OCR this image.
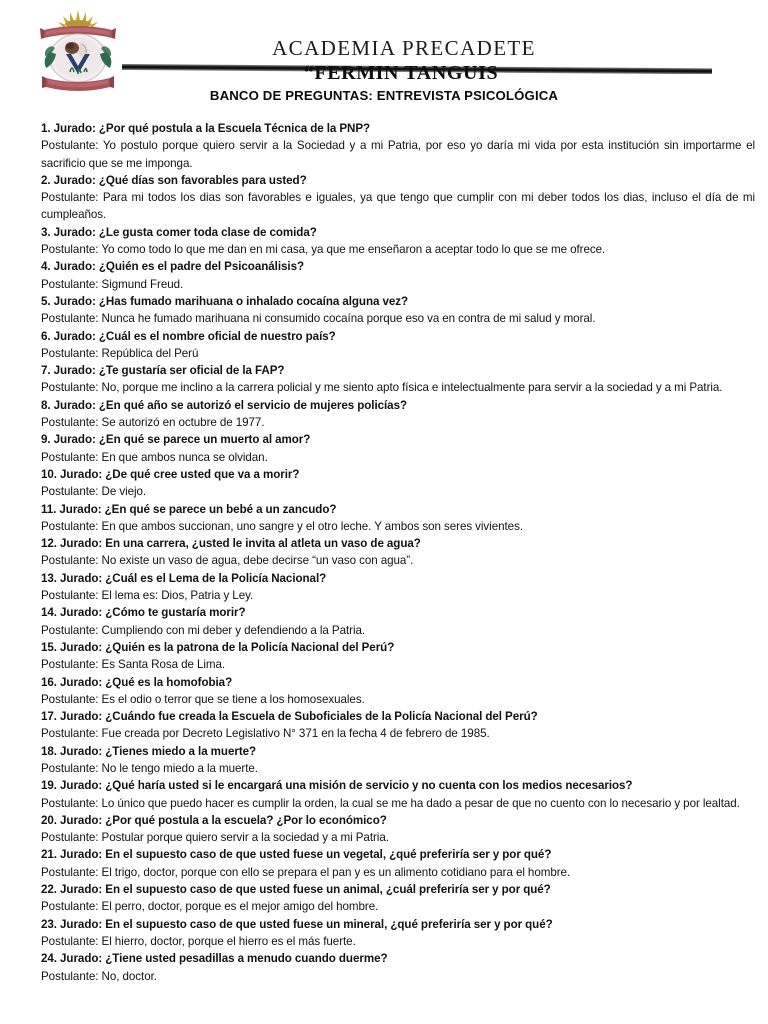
ACADEMIA PRECADETE
“FERMIN TANGUIS
BANCO DE PREGUNTAS: ENTREVISTA PSICOLÓGICA

1. Jurado: ¿Por qué postula a la Escuela Técnica de la PNP?

Postulante: Yo postulo porque quiero servir a la Sociedad y a mi Patria, por eso yo daría mi vida por esta institución sin importarme el sacrificio que se me imponga.

2. Jurado: ¿Qué días son favorables para usted?

Postulante: Para mi todos los dias son favorables e iguales, ya que tengo que cumplir con mi deber todos los dias, incluso el día de mi cumpleaños.

3. Jurado: ¿Le gusta comer toda clase de comida?

Postulante: Yo como todo lo que me dan en mi casa, ya que me enseñaron a aceptar todo lo que se me ofrece.

4. Jurado: ¿Quién es el padre del Psicoanálisis?

Postulante: Sigmund Freud.

5. Jurado: ¿Has fumado marihuana o inhalado cocaína alguna vez?

Postulante: Nunca he fumado marihuana ni consumido cocaína porque eso va en contra de mi salud y moral.

6. Jurado: ¿Cuál es el nombre oficial de nuestro país?

Postulante: República del Perú

7. Jurado: ¿Te gustaría ser oficial de la FAP?

Postulante: No, porque me inclino a la carrera policial y me siento apto física e intelectualmente para servir a la sociedad y a mi Patria.

8. Jurado: ¿En qué año se autorizó el servicio de mujeres policías?

Postulante: Se autorizó en octubre de 1977.

9. Jurado: ¿En qué se parece un muerto al amor?

Postulante: En que ambos nunca se olvidan.

10. Jurado: ¿De qué cree usted que va a morir?

Postulante: De viejo.

11. Jurado: ¿En qué se parece un bebé a un zancudo?

Postulante: En que ambos succionan, uno sangre y el otro leche. Y ambos son seres vivientes.

12. Jurado: En una carrera, ¿usted le invita al atleta un vaso de agua?

Postulante: No existe un vaso de agua, debe decirse “un vaso con agua”.

13. Jurado: ¿Cuál es el Lema de la Policía Nacional?

Postulante: El lema es: Dios, Patria y Ley.

14. Jurado: ¿Cómo te gustaría morir?

Postulante: Cumpliendo con mi deber y defendiendo a la Patria.

15. Jurado: ¿Quién es la patrona de la Policía Nacional del Perú?

Postulante: Es Santa Rosa de Lima.

16. Jurado: ¿Qué es la homofobia?

Postulante: Es el odio o terror que se tiene a los homosexuales.

17. Jurado: ¿Cuándo fue creada la Escuela de Suboficiales de la Policía Nacional del Perú?

Postulante: Fue creada por Decreto Legislativo N° 371 en la fecha 4 de febrero de 1985.

18. Jurado: ¿Tienes miedo a la muerte?

Postulante: No le tengo miedo a la muerte.

19. Jurado: ¿Qué haría usted si le encargará una misión de servicio y no cuenta con los medios necesarios?

Postulante: Lo único que puedo hacer es cumplir la orden, la cual se me ha dado a pesar de que no cuento con lo necesario y por lealtad.

20. Jurado: ¿Por qué postula a la escuela? ¿Por lo económico?

Postulante: Postular porque quiero servir a la sociedad y a mi Patria.

21. Jurado: En el supuesto caso de que usted fuese un vegetal, ¿qué preferiría ser y por qué?

Postulante: El trigo, doctor, porque con ello se prepara el pan y es un alimento cotidiano para el hombre.

22. Jurado: En el supuesto caso de que usted fuese un animal, ¿cuál preferiría ser y por qué?

Postulante: El perro, doctor, porque es el mejor amigo del hombre.

23. Jurado: En el supuesto caso de que usted fuese un mineral, ¿qué preferiría ser y por qué?

Postulante: El hierro, doctor, porque el hierro es el más fuerte.

24. Jurado: ¿Tiene usted pesadillas a menudo cuando duerme?

Postulante: No, doctor.
